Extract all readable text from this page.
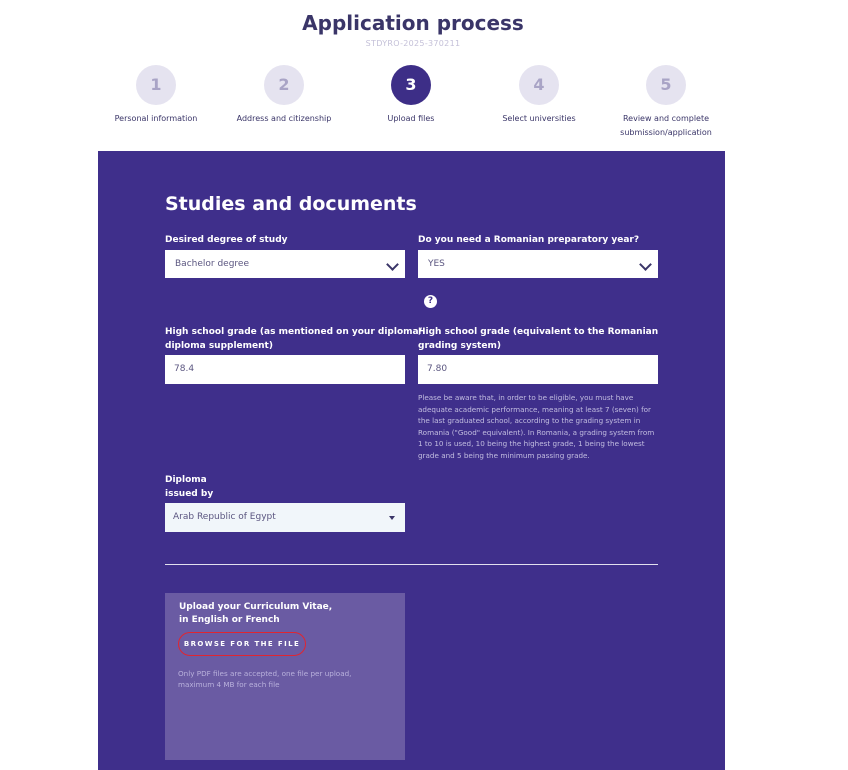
Application process
STDYRO-2025-370211
1
Personal information
2
Address and citizenship
3
Upload files
4
Select universities
5
Review and complete
submission/application
Studies and documents
Desired degree of study
Bachelor degree
Do you need a Romanian preparatory year?
YES
?
High school grade (as mentioned on your diploma/
diploma supplement)
78.4
High school grade (equivalent to the Romanian
grading system)
7.80
Please be aware that, in order to be eligible, you must have adequate academic performance, meaning at least 7 (seven) for the last graduated school, according to the grading system in Romania ("Good" equivalent). In Romania, a grading system from 1 to 10 is used, 10 being the highest grade, 1 being the lowest grade and 5 being the minimum passing grade.
Diploma
issued by
Arab Republic of Egypt
Upload your Curriculum Vitae,
in English or French
BROWSE FOR THE FILE
Only PDF files are accepted, one file per upload, maximum 4 MB for each file
